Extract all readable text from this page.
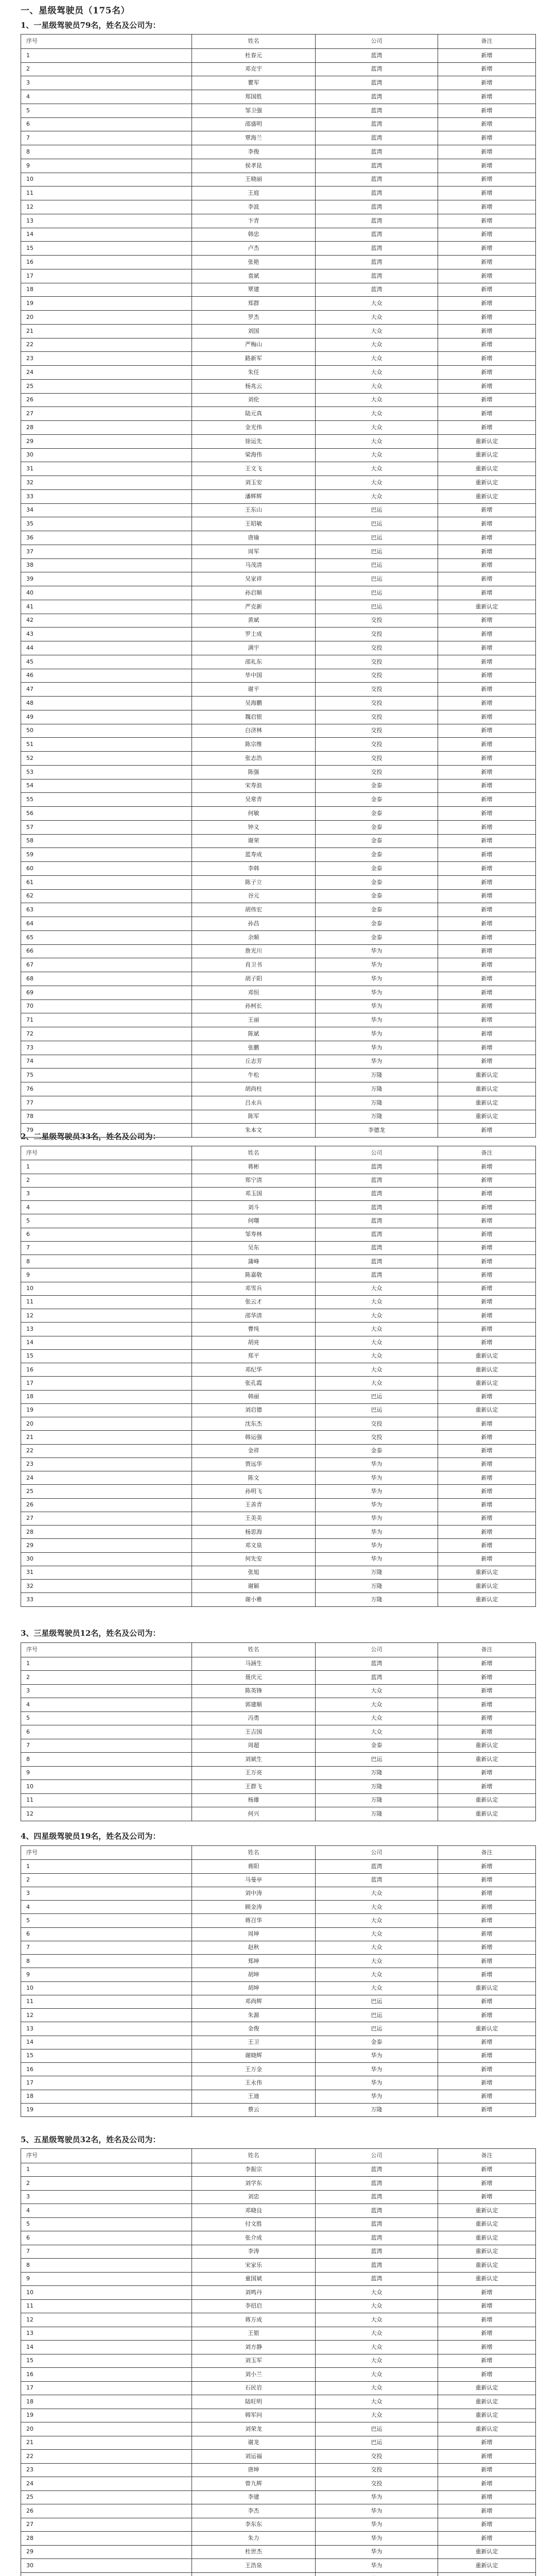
一、星级驾驶员（175名）
1、一星级驾驶员79名，姓名及公司为：
序号	姓名	公司	备注
1	杜春元	蓝湾	新增
2	邓克宇	蓝湾	新增
3	瞿军	蓝湾	新增
4	郑国胜	蓝湾	新增
5	邹卫强	蓝湾	新增
6	邵盛明	蓝湾	新增
7	覃海兰	蓝湾	新增
8	李俊	蓝湾	新增
9	侯孝昆	蓝湾	新增
10	王晓丽	蓝湾	新增
11	王庭	蓝湾	新增
12	李波	蓝湾	新增
13	卞青	蓝湾	新增
14	韩忠	蓝湾	新增
15	卢杰	蓝湾	新增
16	张艳	蓝湾	新增
17	袁斌	蓝湾	新增
18	覃建	蓝湾	新增
19	郑群	大众	新增
20	罗杰	大众	新增
21	刘国	大众	新增
22	严梅山	大众	新增
23	路新军	大众	新增
24	朱任	大众	新增
25	杨兆云	大众	新增
26	刘伦	大众	新增
27	陆元真	大众	新增
28	金光伟	大众	新增
29	徐运先	大众	重新认定
30	梁海伟	大众	重新认定
31	王文飞	大众	重新认定
32	刘玉安	大众	重新认定
33	潘辉辉	大众	重新认定
34	王东山	巴运	新增
35	王昭敏	巴运	新增
36	唐瑜	巴运	新增
37	周军	巴运	新增
38	马茂清	巴运	新增
39	吴家祥	巴运	新增
40	孙启顺	巴运	新增
41	严克新	巴运	重新认定
42	黄斌	交投	新增
43	罗士成	交投	新增
44	满宇	交投	新增
45	邵礼东	交投	新增
46	毕中国	交投	新增
47	谢平	交投	新增
48	吴海鹏	交投	新增
49	魏启银	交投	新增
50	白济林	交投	新增
51	陈宗维	交投	新增
52	张志浩	交投	新增
53	陈强	交投	新增
54	宋寿浪	金泰	新增
55	吴常青	金泰	新增
56	何敏	金泰	新增
57	钟义	金泰	新增
58	谢荣	金泰	新增
59	蓝寿成	金泰	新增
60	李韩	金泰	新增
61	陈子立	金泰	新增
62	谷元	金泰	新增
63	胡伟宏	金泰	新增
64	孙昌	金泰	新增
65	余顺	金泰	新增
66	詹光川	华为	新增
67	肖卫书	华为	新增
68	胡子阳	华为	新增
69	邓恒	华为	新增
70	孙柯长	华为	新增
71	王丽	华为	新增
72	陈斌	华为	新增
73	张鹏	华为	新增
74	丘志芳	华为	新增
75	牛松	万隆	重新认定
76	胡尚柱	万隆	重新认定
77	吕永兵	万隆	重新认定
78	陈军	万隆	重新认定
79	朱本文	李德龙	新增
2、二星级驾驶员33名，姓名及公司为：
序号	姓名	公司	备注
1	蒋彬	蓝湾	新增
2	郑宁清	蓝湾	新增
3	邓玉国	蓝湾	新增
4	刘斗	蓝湾	新增
5	何曙	蓝湾	新增
6	邹寿林	蓝湾	新增
7	吴东	蓝湾	新增
8	蒲峰	蓝湾	新增
9	陈嘉敬	蓝湾	新增
10	邓雪兵	大众	新增
11	张云才	大众	新增
12	邵华清	大众	新增
13	曹纯	大众	新增
14	胡亮	大众	新增
15	郑平	大众	重新认定
16	邓纪华	大众	重新认定
17	张孔霞	大众	重新认定
18	韩丽	巴运	新增
19	刘启德	巴运	重新认定
20	沈东杰	交投	新增
21	韩运强	交投	新增
22	金祥	金泰	新增
23	贾远华	华为	新增
24	陈文	华为	新增
25	孙明飞	华为	新增
26	王善青	华为	新增
27	王美美	华为	新增
28	杨思海	华为	新增
29	邓文泉	华为	新增
30	何先安	华为	新增
31	张旭	万隆	重新认定
32	谢颖	万隆	重新认定
33	谢小雅	万隆	重新认定
3、三星级驾驶员12名，姓名及公司为：
序号	姓名	公司	备注
1	马涵生	蓝湾	新增
2	聂庆元	蓝湾	新增
3	陈英锋	大众	新增
4	郭建顺	大众	新增
5	冯勇	大众	新增
6	王吉国	大众	新增
7	周超	金泰	重新认定
8	刘斌生	巴运	重新认定
9	王万亮	万隆	新增
10	王群飞	万隆	新增
11	杨雄	万隆	重新认定
12	何兴	万隆	重新认定
4、四星级驾驶员19名，姓名及公司为：
序号	姓名	公司	备注
1	蒋阳	蓝湾	新增
2	马曼亭	蓝湾	新增
3	刘中涛	大众	新增
4	顾金涛	大众	新增
5	蒋召华	大众	新增
6	周坤	大众	新增
7	赵秋	大众	新增
8	郑坤	大众	新增
9	胡坤	大众	新增
10	胡坤	大众	重新认定
11	邓尚辉	巴运	新增
12	朱源	巴运	新增
13	金俊	巴运	重新认定
14	王卫	金泰	新增
15	谢晓辉	华为	新增
16	王万金	华为	新增
17	王永伟	华为	新增
18	王迪	华为	新增
19	蔡云	万隆	新增
5、五星级驾驶员32名，姓名及公司为：
序号	姓名	公司	备注
1	李振宗	蓝湾	新增
2	刘学东	蓝湾	新增
3	刘忠	蓝湾	新增
4	邓晓良	蓝湾	重新认定
5	付文胜	蓝湾	重新认定
6	张介成	蓝湾	重新认定
7	李涛	蓝湾	重新认定
8	宋家乐	蓝湾	重新认定
9	童国斌	蓝湾	重新认定
10	刘鸣丹	大众	新增
11	李招启	大众	新增
12	蒋万成	大众	新增
13	王银	大众	新增
14	刘方静	大众	新增
15	刘玉军	大众	新增
16	刘小兰	大众	新增
17	石民岩	大众	重新认定
18	陆旺明	大众	重新认定
19	韩军问	大众	重新认定
20	刘荣龙	巴运	重新认定
21	谢龙	巴运	新增
22	刘运福	交投	新增
23	唐坤	交投	新增
24	曾九辉	交投	新增
25	李建	华为	新增
26	李杰	华为	新增
27	李东东	华为	新增
28	朱力	华为	新增
29	杜世杰	华为	重新认定
30	王浩泉	华为	重新认定
